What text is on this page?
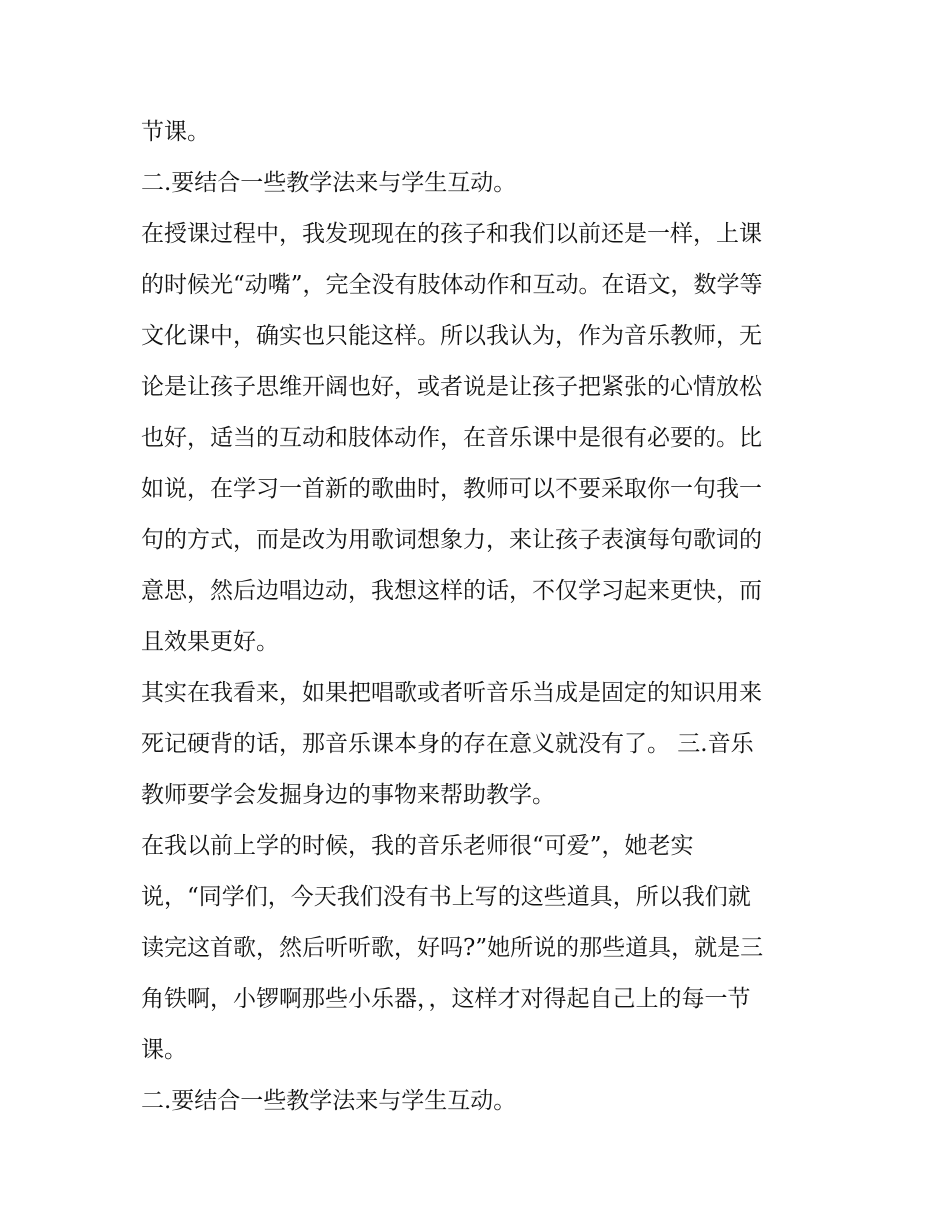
节课。
二.要结合一些教学法来与学生互动。
在授课过程中，我发现现在的孩子和我们以前还是一样，上课
的时候光“动嘴”，完全没有肢体动作和互动。在语文，数学等
文化课中，确实也只能这样。所以我认为，作为音乐教师，无
论是让孩子思维开阔也好，或者说是让孩子把紧张的心情放松
也好，适当的互动和肢体动作，在音乐课中是很有必要的。比
如说，在学习一首新的歌曲时，教师可以不要采取你一句我一
句的方式，而是改为用歌词想象力，来让孩子表演每句歌词的
意思，然后边唱边动，我想这样的话，不仅学习起来更快，而
且效果更好。
其实在我看来，如果把唱歌或者听音乐当成是固定的知识用来
死记硬背的话，那音乐课本身的存在意义就没有了。 三.音乐
教师要学会发掘身边的事物来帮助教学。
在我以前上学的时候，我的音乐老师很“可爱”，她老实
说，“同学们，今天我们没有书上写的这些道具，所以我们就
读完这首歌，然后听听歌，好吗?”她所说的那些道具，就是三
角铁啊，小锣啊那些小乐器，，这样才对得起自己上的每一节
课。
二.要结合一些教学法来与学生互动。
